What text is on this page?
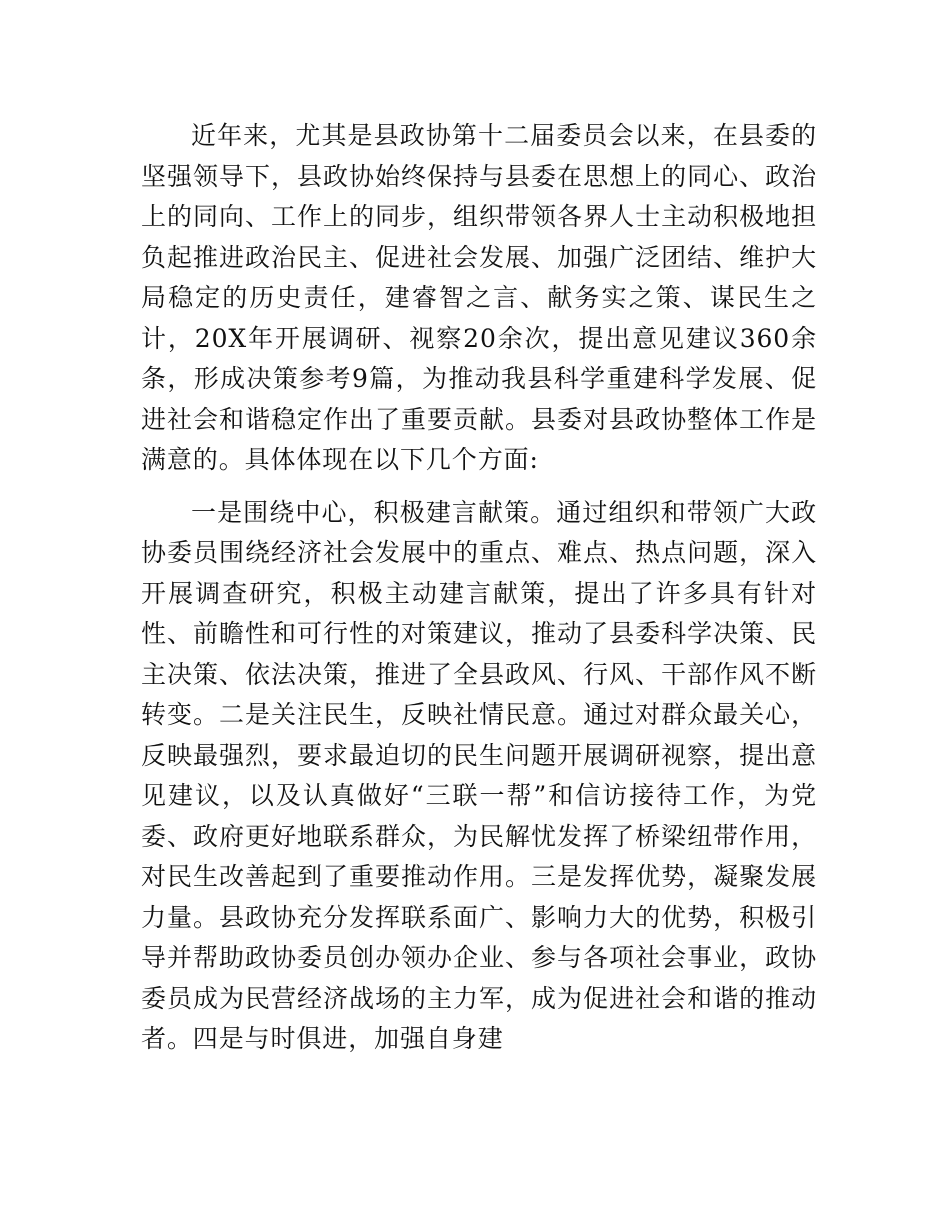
近年来，尤其是县政协第十二届委员会以来，在县委的坚强领导下，县政协始终保持与县委在思想上的同心、政治上的同向、工作上的同步，组织带领各界人士主动积极地担负起推进政治民主、促进社会发展、加强广泛团结、维护大局稳定的历史责任，建睿智之言、献务实之策、谋民生之计，20X年开展调研、视察20余次，提出意见建议360余条，形成决策参考9篇，为推动我县科学重建科学发展、促进社会和谐稳定作出了重要贡献。县委对县政协整体工作是满意的。具体体现在以下几个方面:

一是围绕中心，积极建言献策。通过组织和带领广大政协委员围绕经济社会发展中的重点、难点、热点问题，深入开展调查研究，积极主动建言献策，提出了许多具有针对性、前瞻性和可行性的对策建议，推动了县委科学决策、民主决策、依法决策，推进了全县政风、行风、干部作风不断转变。二是关注民生，反映社情民意。通过对群众最关心，反映最强烈，要求最迫切的民生问题开展调研视察，提出意见建议，以及认真做好“三联一帮”和信访接待工作，为党委、政府更好地联系群众，为民解忧发挥了桥梁纽带作用，对民生改善起到了重要推动作用。三是发挥优势，凝聚发展力量。县政协充分发挥联系面广、影响力大的优势，积极引导并帮助政协委员创办领办企业、参与各项社会事业，政协委员成为民营经济战场的主力军，成为促进社会和谐的推动者。四是与时俱进，加强自身建
